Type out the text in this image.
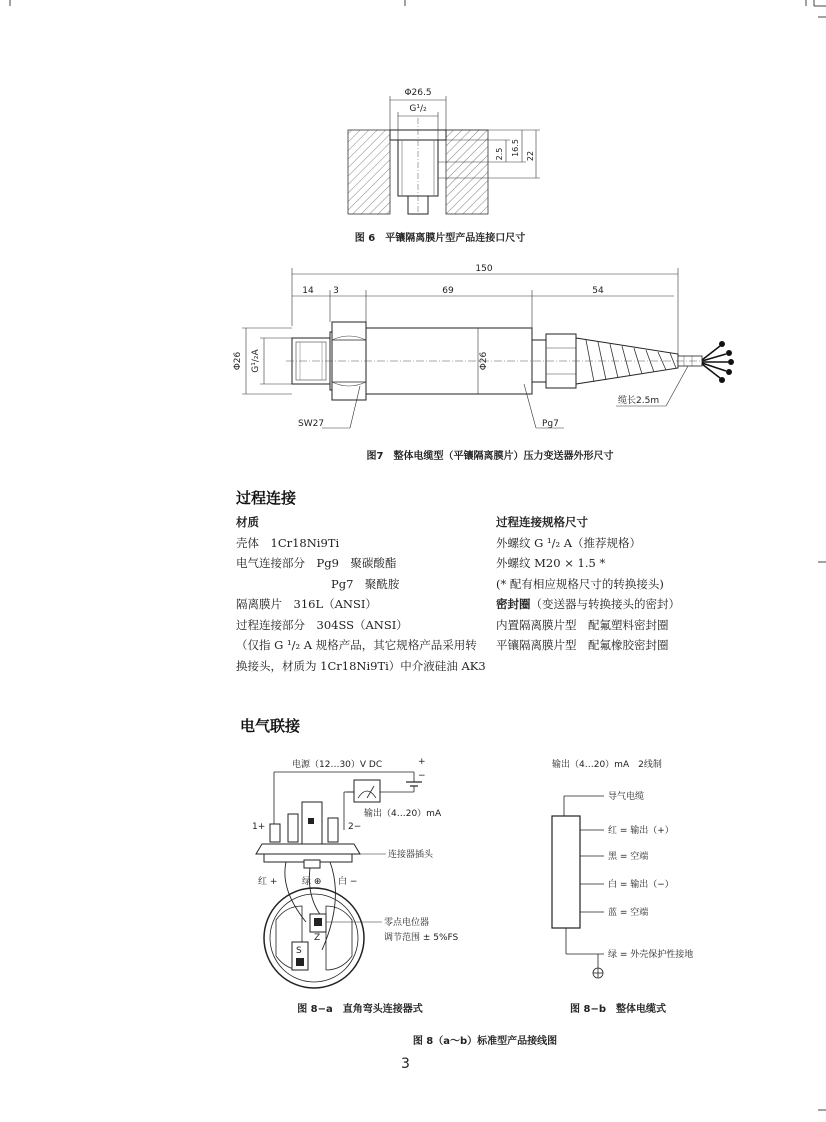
Φ26.5
G¹/₂
2.5 16.5 22
图 6　平镶隔离膜片型产品连接口尺寸
150
14 3	69	54
Φ26 G¹/₂A	Φ26
SW27	Pg7
缆长2.5m
图7　整体电缆型（平镶隔离膜片）压力变送器外形尺寸
过程连接
材质
壳体　1Cr18Ni9Ti
电气连接部分　Pg9　聚碳酸酯
Pg7　聚酰胺
隔离膜片　316L（ANSI）
过程连接部分　304SS（ANSI）
（仅指 G ¹/₂ A 规格产品，其它规格产品采用转换接头，材质为 1Cr18Ni9Ti）中介液硅油 AK3
过程连接规格尺寸
外螺纹 G ¹/₂ A（推荐规格）
外螺纹 M20 × 1.5 *
(* 配有相应规格尺寸的转换接头)
密封圈（变送器与转换接头的密封）
内置隔离膜片型　配氟塑料密封圈
平镶隔离膜片型　配氟橡胶密封圈
电气联接
电源（12…30）V DC	+
−
输出（4…20）mA
1+	2−
连接器插头
红 +	绿 ⊕ 白 −
Z
S
零点电位器
调节范围 ± 5%FS
图 8−a　直角弯头连接器式
输出（4…20）mA　2线制
导气电缆
红 = 输出（+）
黑 = 空端
白 = 输出（−）
蓝 = 空端
绿 = 外壳保护性接地
图 8−b　整体电缆式
图 8（a～b）标准型产品接线图
3
